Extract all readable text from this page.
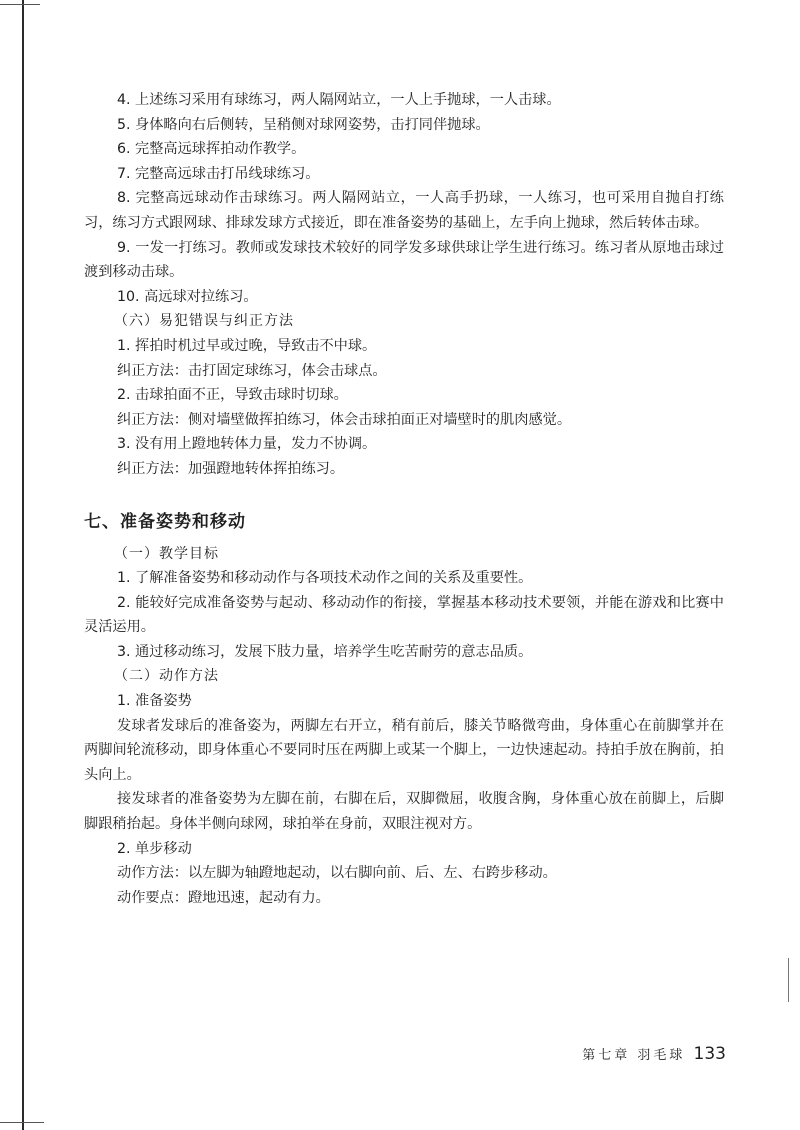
4. 上述练习采用有球练习，两人隔网站立，一人上手抛球，一人击球。
5. 身体略向右后侧转，呈稍侧对球网姿势，击打同伴抛球。
6. 完整高远球挥拍动作教学。
7. 完整高远球击打吊线球练习。
8. 完整高远球动作击球练习。两人隔网站立，一人高手扔球，一人练习，也可采用自抛自打练习，练习方式跟网球、排球发球方式接近，即在准备姿势的基础上，左手向上抛球，然后转体击球。
9. 一发一打练习。教师或发球技术较好的同学发多球供球让学生进行练习。练习者从原地击球过渡到移动击球。
10. 高远球对拉练习。
（六）易犯错误与纠正方法
1. 挥拍时机过早或过晚，导致击不中球。
纠正方法：击打固定球练习，体会击球点。
2. 击球拍面不正，导致击球时切球。
纠正方法：侧对墙壁做挥拍练习，体会击球拍面正对墙壁时的肌肉感觉。
3. 没有用上蹬地转体力量，发力不协调。
纠正方法：加强蹬地转体挥拍练习。
七、准备姿势和移动
（一）教学目标
1. 了解准备姿势和移动动作与各项技术动作之间的关系及重要性。
2. 能较好完成准备姿势与起动、移动动作的衔接，掌握基本移动技术要领，并能在游戏和比赛中灵活运用。
3. 通过移动练习，发展下肢力量，培养学生吃苦耐劳的意志品质。
（二）动作方法
1. 准备姿势
发球者发球后的准备姿为，两脚左右开立，稍有前后，膝关节略微弯曲，身体重心在前脚掌并在两脚间轮流移动，即身体重心不要同时压在两脚上或某一个脚上，一边快速起动。持拍手放在胸前，拍头向上。
接发球者的准备姿势为左脚在前，右脚在后，双脚微屈，收腹含胸，身体重心放在前脚上，后脚脚跟稍抬起。身体半侧向球网，球拍举在身前，双眼注视对方。
2. 单步移动
动作方法：以左脚为轴蹬地起动，以右脚向前、后、左、右跨步移动。
动作要点：蹬地迅速，起动有力。
第七章 羽毛球 133
